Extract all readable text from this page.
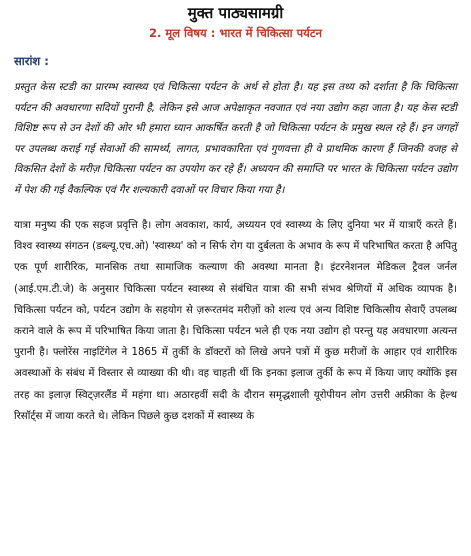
मुक्त पाठ्यसामग्री
2. मूल विषय : भारत में चिकित्सा पर्यटन
सारांश :

प्रस्तुत केस स्टडी का प्रारम्भ स्वास्थ्य एवं चिकित्सा पर्यटन के अर्थ से होता है। यह इस तथ्य को दर्शाता है कि चिकित्सा पर्यटन की अवधारणा सदियों पुरानी है, लेकिन इसे आज अपेक्षाकृत नवजात एवं नया उद्योग कहा जाता है। यह केस स्टडी विशिष्ट रूप से उन देशों की ओर भी हमारा ध्यान आकर्षित करती है जो चिकित्सा पर्यटन के प्रमुख स्थल रहे हैं। इन जगहों पर उपलब्ध कराई गई सेवाओं की सामर्थ्य, लागत, प्रभावकारिता एवं गुणवत्ता ही वे प्राथमिक कारण हैं जिनकी वजह से विकसित देशों के मरीज़ चिकित्सा पर्यटन का उपयोग कर रहे हैं। अध्ययन की समाप्ति पर भारत के चिकित्सा पर्यटन उद्योग में पेश की गई वैकल्पिक एवं गैर शल्यकारी दवाओं पर विचार किया गया है।

यात्रा मनुष्य की एक सहज प्रवृत्ति है। लोग अवकाश, कार्य, अध्ययन एवं स्वास्थ्य के लिए दुनिया भर में यात्राएँ करते हैं। विश्व स्वास्थ्य संगठन (डब्ल्यू.एच.ओ) 'स्वास्थ्य' को न सिर्फ रोग या दुर्बलता के अभाव के रूप में परिभाषित करता है अपितु एक पूर्ण शारीरिक, मानसिक तथा सामाजिक कल्याण की अवस्था मानता है। इंटरनेशनल मेडिकल ट्रैवल जर्नल (आई.एम.टी.जे) के अनुसार चिकित्सा पर्यटन स्वास्थ्य से संबंधित यात्रा की सभी संभव श्रेणियों में अधिक व्यापक है। चिकित्सा पर्यटन को, पर्यटन उद्योग के सहयोग से ज़रूरतमंद मरीज़ों को शल्य एवं अन्य विशिष्ट चिकित्सीय सेवाएँ उपलब्ध कराने वाले के रूप में परिभाषित किया जाता है। चिकित्सा पर्यटन भले ही एक नया उद्योग हो परन्तु यह अवधारणा अत्यन्त पुरानी है। फ्लोरेंस नाइटिंगेल ने 1865 में तुर्की के डॉक्टरों को लिखे अपने पत्रों में कुछ मरीजों के आहार एवं शारीरिक अवस्थाओं के संबंध में विस्तार से व्याख्या की थी। वह चाहती थीं कि इनका इलाज तुर्की के रूप में किया जाए क्योंकि इस तरह का इलाज़ स्विट्ज़रलैंड में महंगा था। अठारहवीं सदी के दौरान समृद्धशाली यूरोपीयन लोग उत्तरी अफ्रीका के हेल्थ रिसॉर्ट्स में जाया करते थे। लेकिन पिछले कुछ दशकों में स्वास्थ्य के
